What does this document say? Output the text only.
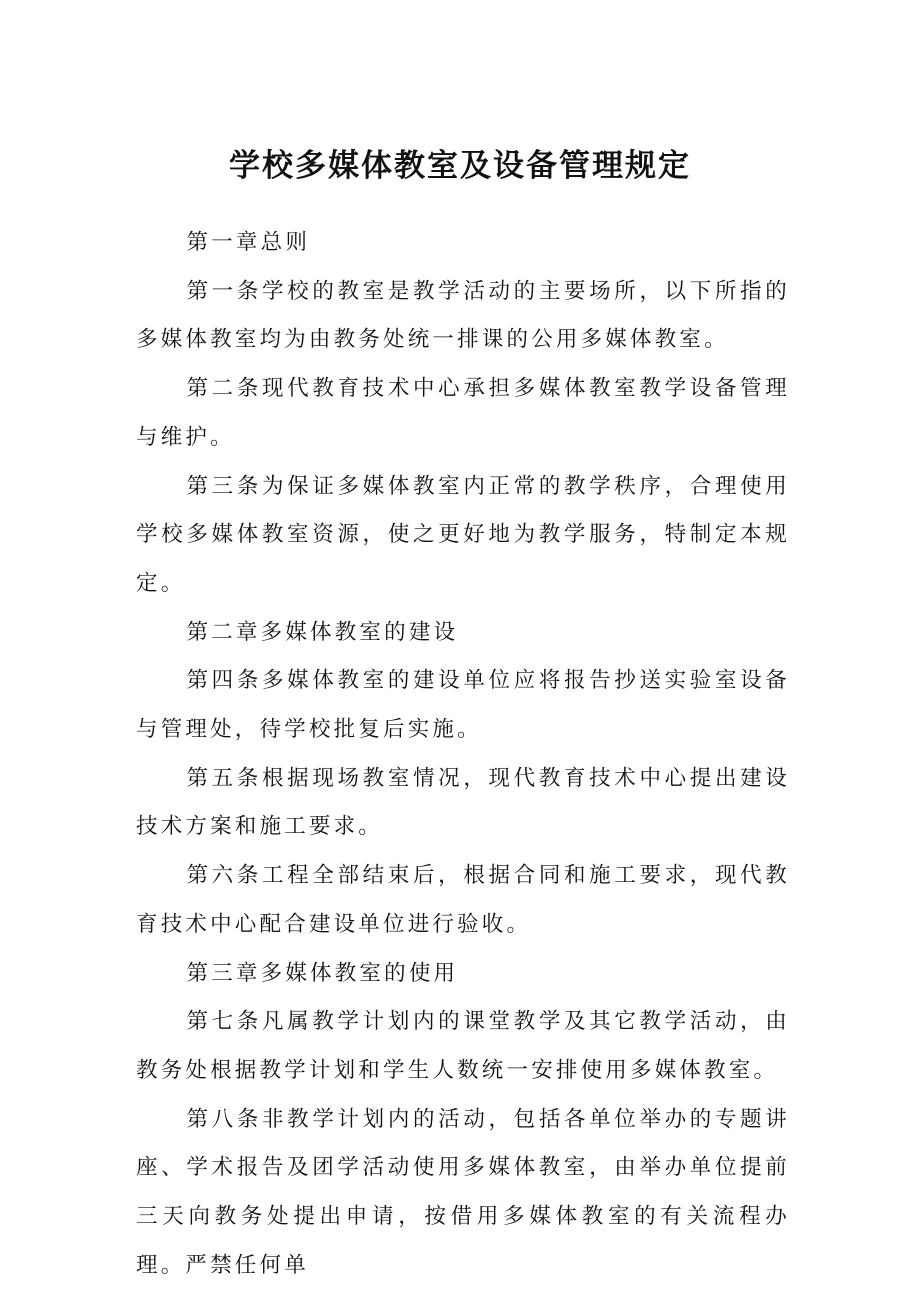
学校多媒体教室及设备管理规定

第一章总则

第一条学校的教室是教学活动的主要场所，以下所指的多媒体教室均为由教务处统一排课的公用多媒体教室。

第二条现代教育技术中心承担多媒体教室教学设备管理与维护。

第三条为保证多媒体教室内正常的教学秩序，合理使用学校多媒体教室资源，使之更好地为教学服务，特制定本规定。

第二章多媒体教室的建设

第四条多媒体教室的建设单位应将报告抄送实验室设备与管理处，待学校批复后实施。

第五条根据现场教室情况，现代教育技术中心提出建设技术方案和施工要求。

第六条工程全部结束后，根据合同和施工要求，现代教育技术中心配合建设单位进行验收。

第三章多媒体教室的使用

第七条凡属教学计划内的课堂教学及其它教学活动，由教务处根据教学计划和学生人数统一安排使用多媒体教室。

第八条非教学计划内的活动，包括各单位举办的专题讲座、学术报告及团学活动使用多媒体教室，由举办单位提前三天向教务处提出申请，按借用多媒体教室的有关流程办理。严禁任何单
